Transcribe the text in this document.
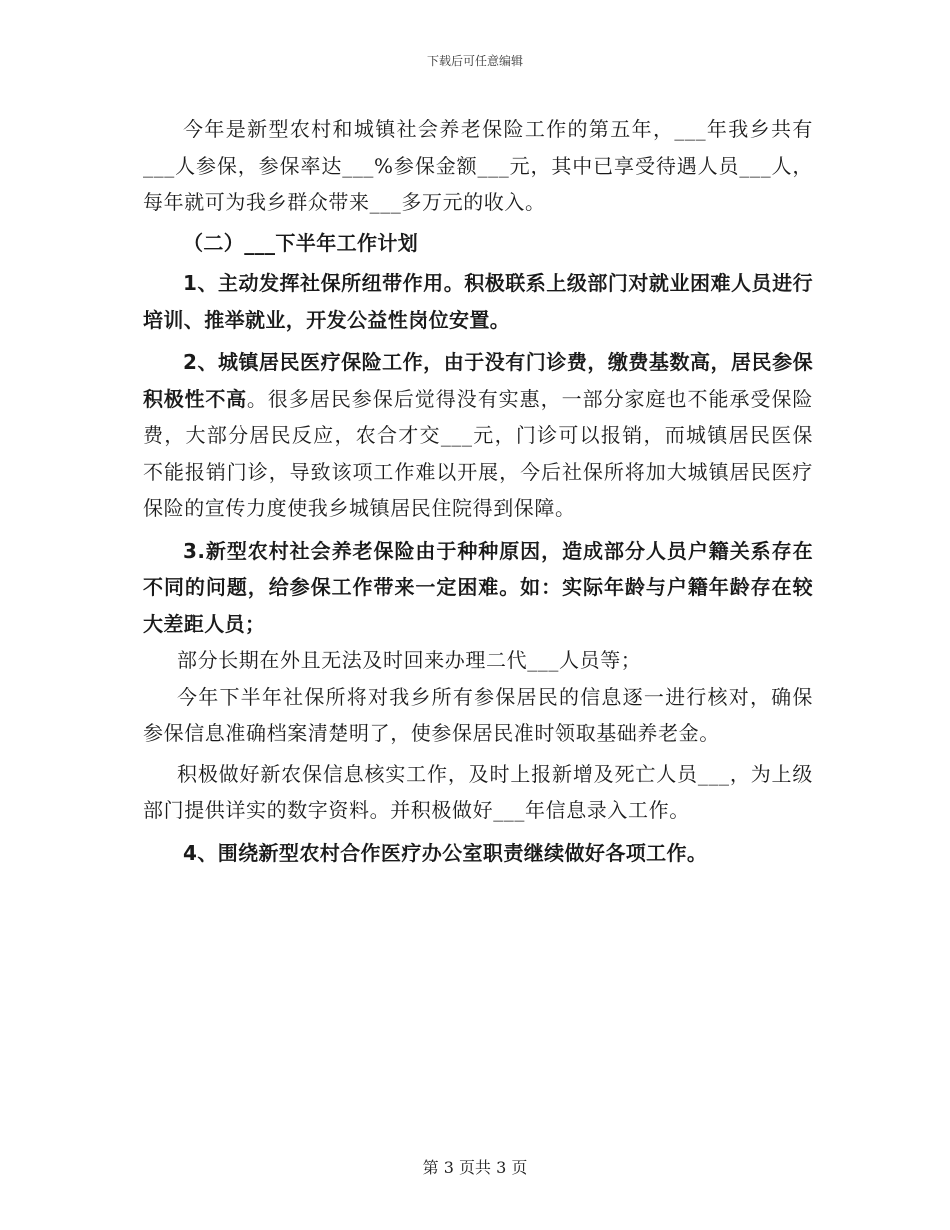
下载后可任意编辑

今年是新型农村和城镇社会养老保险工作的第五年，___年我乡共有___人参保，参保率达___%参保金额___元，其中已享受待遇人员___人，每年就可为我乡群众带来___多万元的收入。

（二）___下半年工作计划

1、主动发挥社保所纽带作用。积极联系上级部门对就业困难人员进行培训、推举就业，开发公益性岗位安置。

2、城镇居民医疗保险工作，由于没有门诊费，缴费基数高，居民参保积极性不高。很多居民参保后觉得没有实惠，一部分家庭也不能承受保险费，大部分居民反应，农合才交___元，门诊可以报销，而城镇居民医保不能报销门诊，导致该项工作难以开展，今后社保所将加大城镇居民医疗保险的宣传力度使我乡城镇居民住院得到保障。

3.新型农村社会养老保险由于种种原因，造成部分人员户籍关系存在不同的问题，给参保工作带来一定困难。如：实际年龄与户籍年龄存在较大差距人员；

部分长期在外且无法及时回来办理二代___人员等；

今年下半年社保所将对我乡所有参保居民的信息逐一进行核对，确保参保信息准确档案清楚明了，使参保居民准时领取基础养老金。

积极做好新农保信息核实工作，及时上报新增及死亡人员___，为上级部门提供详实的数字资料。并积极做好___年信息录入工作。

4、围绕新型农村合作医疗办公室职责继续做好各项工作。

第 3 页共 3 页
